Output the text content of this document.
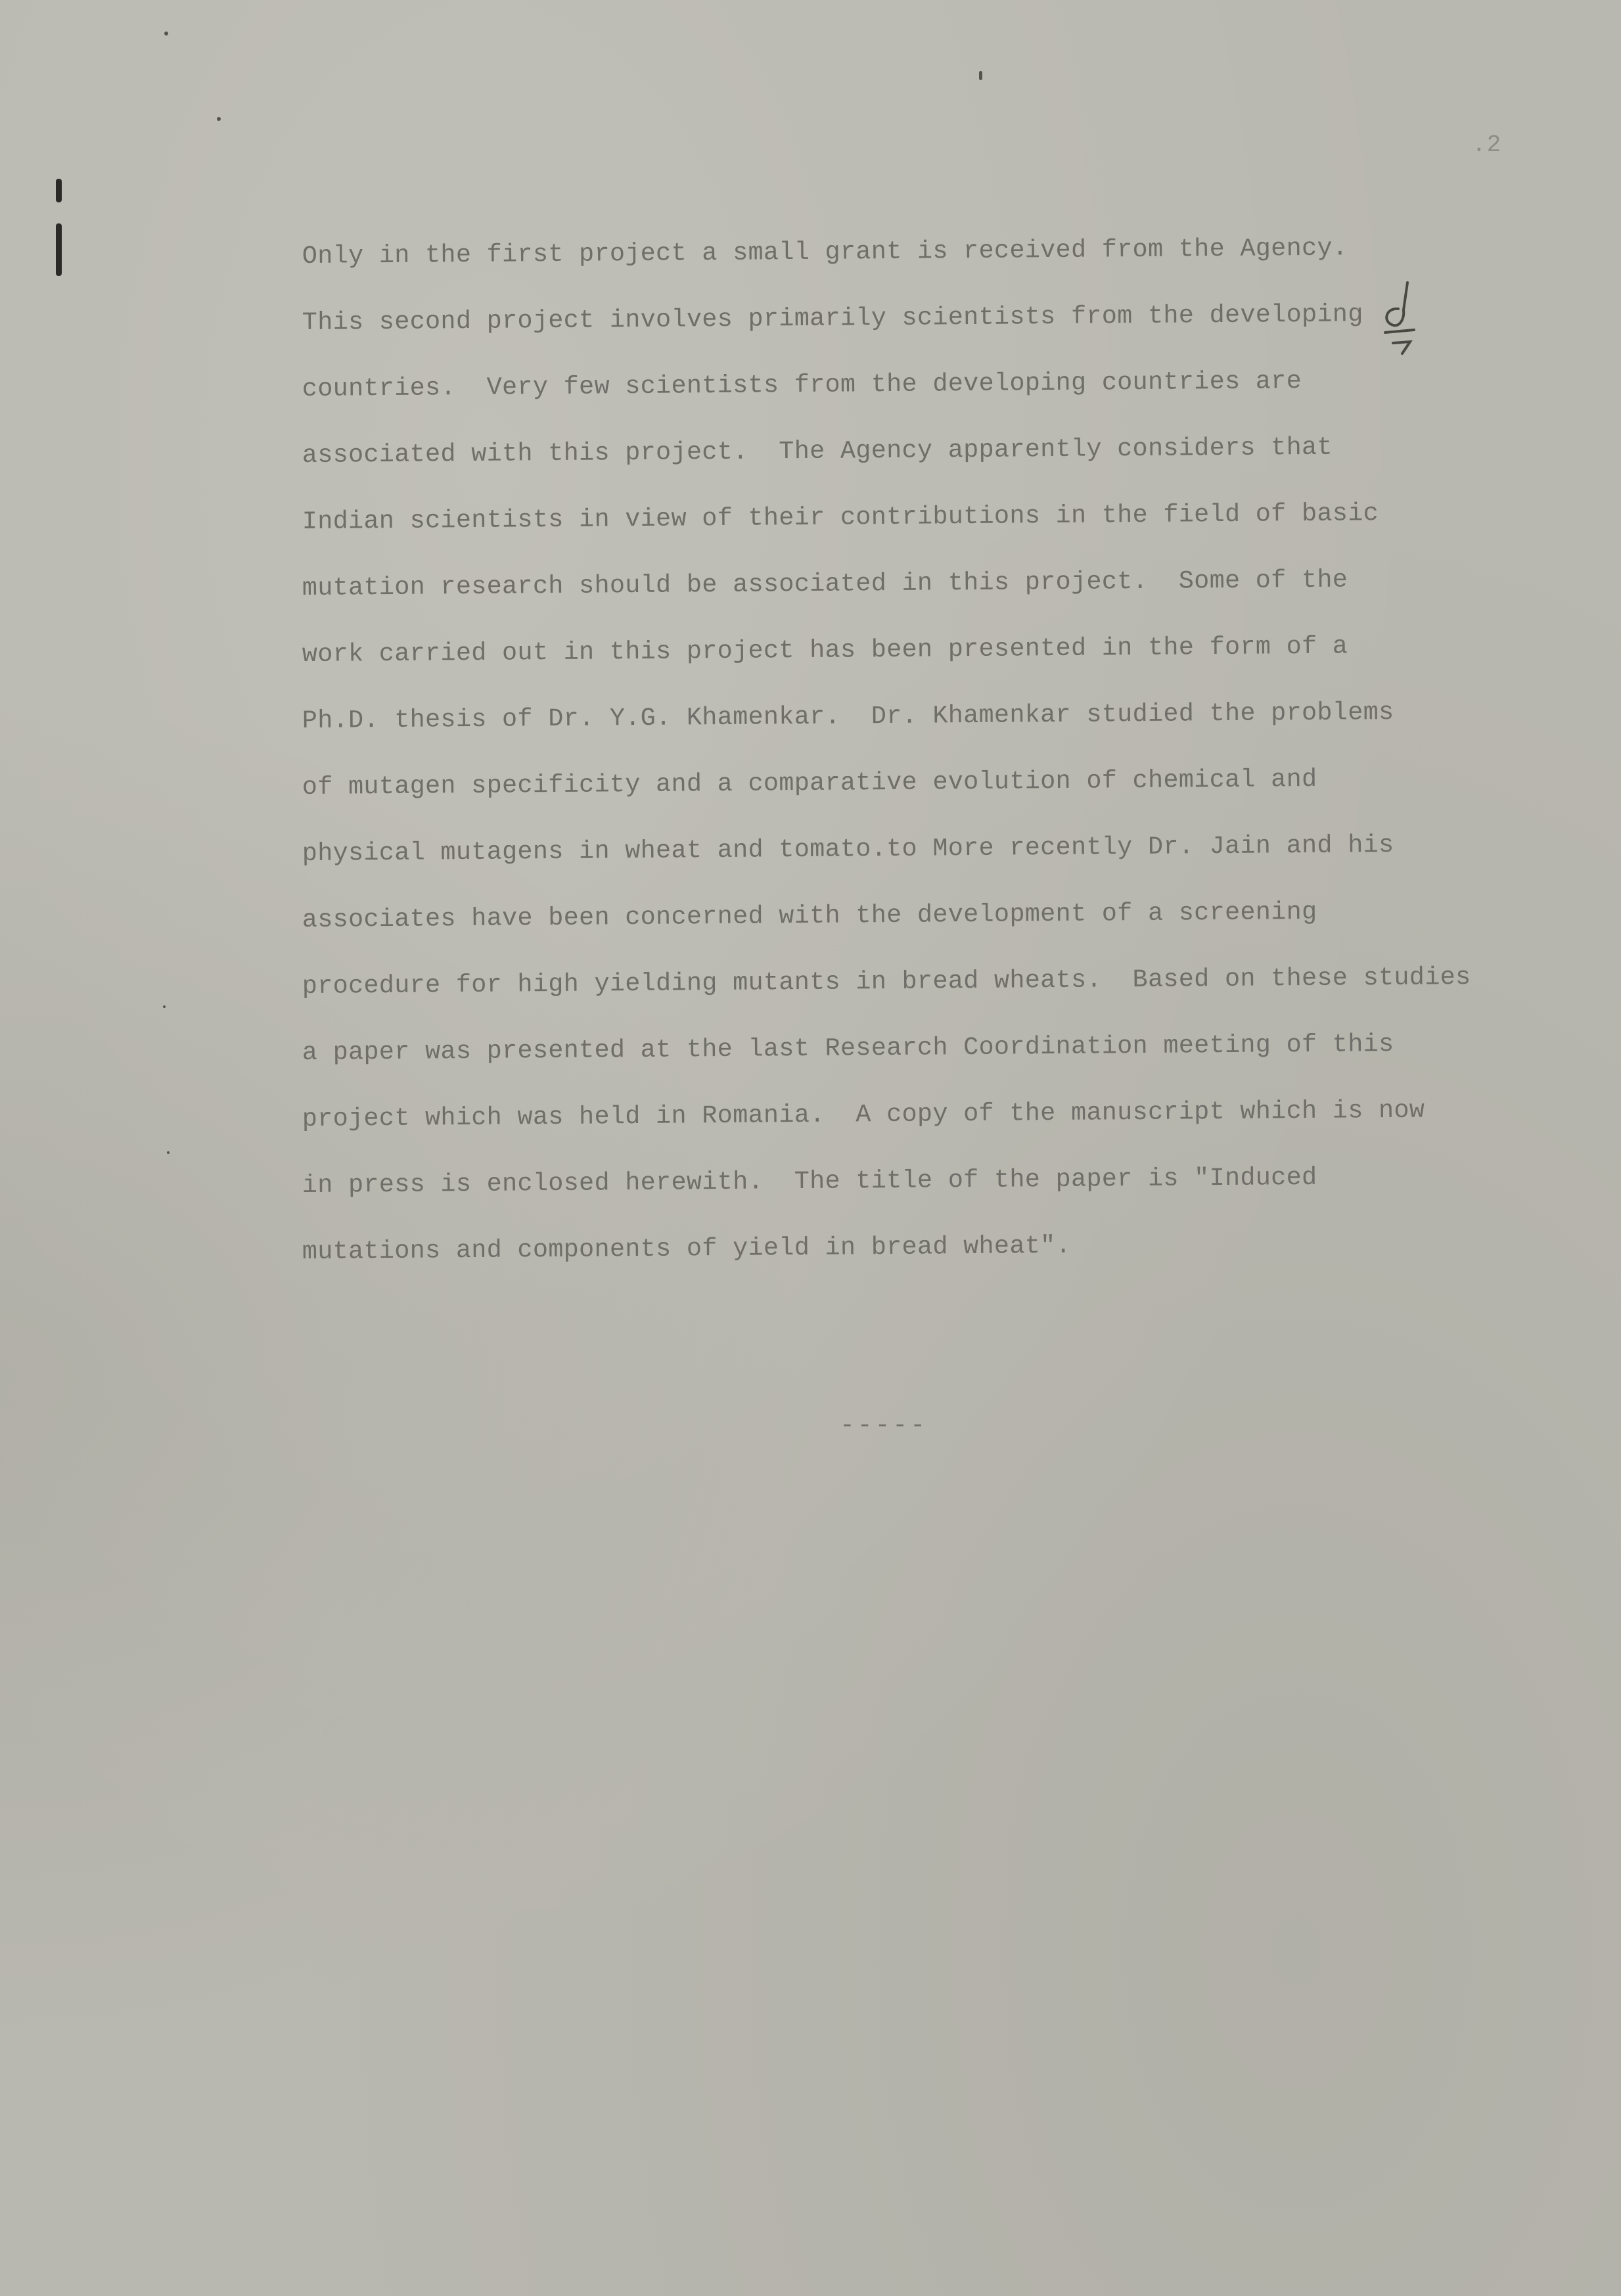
.2
Only in the first project a small grant is received from the Agency.
This second project involves primarily scientists from the developing
countries.  Very few scientists from the developing countries are
associated with this project.  The Agency apparently considers that
Indian scientists in view of their contributions in the field of basic
mutation research should be associated in this project.  Some of the
work carried out in this project has been presented in the form of a
Ph.D. thesis of Dr. Y.G. Khamenkar.  Dr. Khamenkar studied the problems
of mutagen specificity and a comparative evolution of chemical and
physical mutagens in wheat and tomato.to More recently Dr. Jain and his
associates have been concerned with the development of a screening
procedure for high yielding mutants in bread wheats.  Based on these studies
a paper was presented at the last Research Coordination meeting of this
project which was held in Romania.  A copy of the manuscript which is now
in press is enclosed herewith.  The title of the paper is "Induced
mutations and components of yield in bread wheat".
-----
